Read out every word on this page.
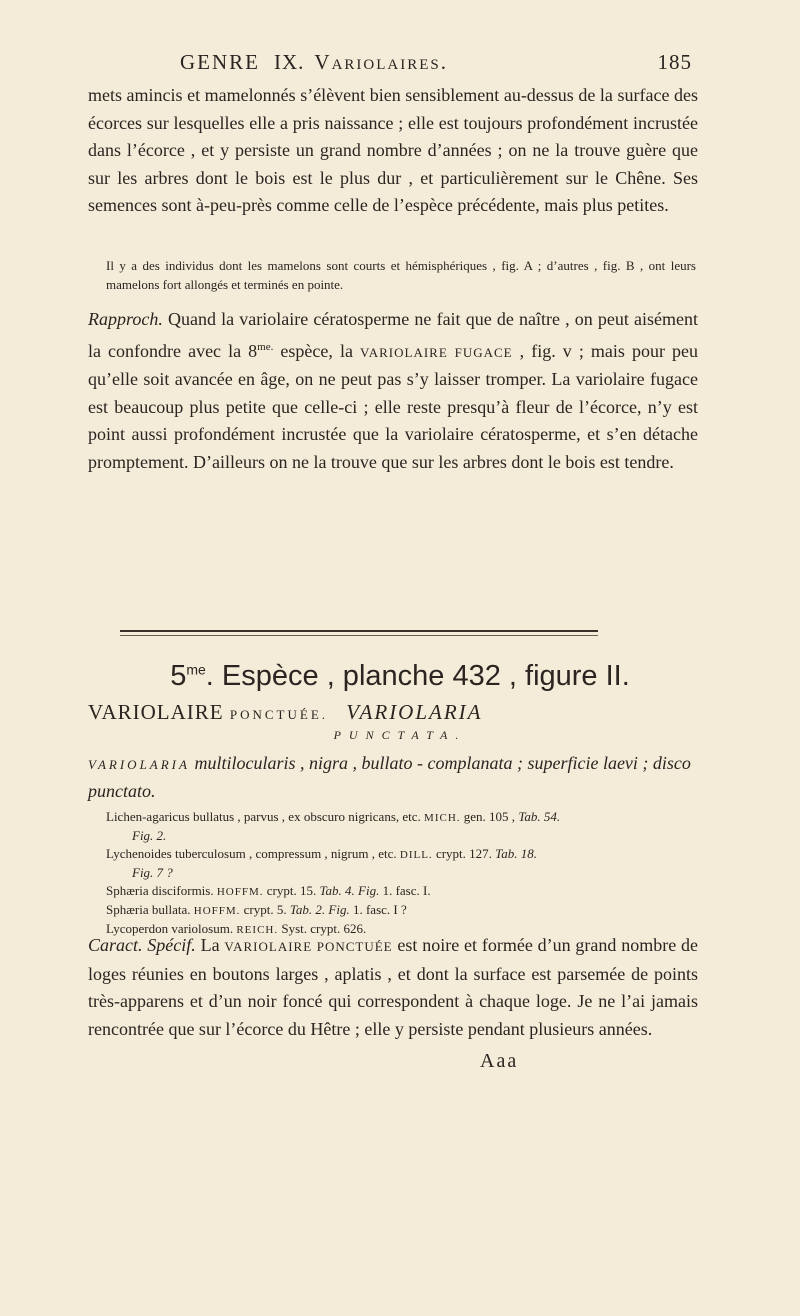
GENRE IX. Variolaires.	185
mets amincis et mamelonnés s’élèvent bien sensiblement au-dessus de la surface des écorces sur lesquelles elle a pris naissance ; elle est toujours profondément incrustée dans l’écorce , et y persiste un grand nombre d’années ; on ne la trouve guère que sur les arbres dont le bois est le plus dur , et particulièrement sur le Chêne. Ses semences sont à-peu-près comme celle de l’espèce précédente, mais plus petites.
Il y a des individus dont les mamelons sont courts et hémisphériques , fig. A ; d’autres , fig. B , ont leurs mamelons fort allongés et terminés en pointe.
Rapproch. Quand la variolaire cératosperme ne fait que de naître , on peut aisément la confondre avec la $8^{me.}$ espèce, la VARIOLAIRE FUGACE , fig. v ; mais pour peu qu’elle soit avancée en âge, on ne peut pas s’y laisser tromper. La variolaire fugace est beaucoup plus petite que celle-ci ; elle reste presqu’à fleur de l’écorce, n’y est point aussi profondément incrustée que la variolaire cératosperme, et s’en détache promptement. D’ailleurs on ne la trouve que sur les arbres dont le bois est tendre.
$5^{me}$. Espèce , planche 432 , figure II.
VARIOLAIRE PONCTUÉE. VARIOLARIA
PUNCTATA.
VARIOLARIA multilocularis , nigra , bullato - complanata ; superficie laevi ; disco punctato.
Lichen-agaricus bullatus , parvus , ex obscuro nigricans, etc. MICH. gen. 105 , Tab. 54.
Fig. 2.
Lychenoides tuberculosum , compressum , nigrum , etc. DILL. crypt. 127. Tab. 18.
Fig. 7 ?
Sphæria disciformis. HOFFM. crypt. 15. Tab. 4. Fig. 1. fasc. I.
Sphæria bullata. HOFFM. crypt. 5. Tab. 2. Fig. 1. fasc. I ?
Lycoperdon variolosum. REICH. Syst. crypt. 626.
Caract. Spécif. La VARIOLAIRE PONCTUÉE est noire et formée d’un grand nombre de loges réunies en boutons larges , aplatis , et dont la surface est parsemée de points très-apparens et d’un noir foncé qui correspondent à chaque loge. Je ne l’ai jamais rencontrée que sur l’écorce du Hêtre ; elle y persiste pendant plusieurs années.
Aaa
